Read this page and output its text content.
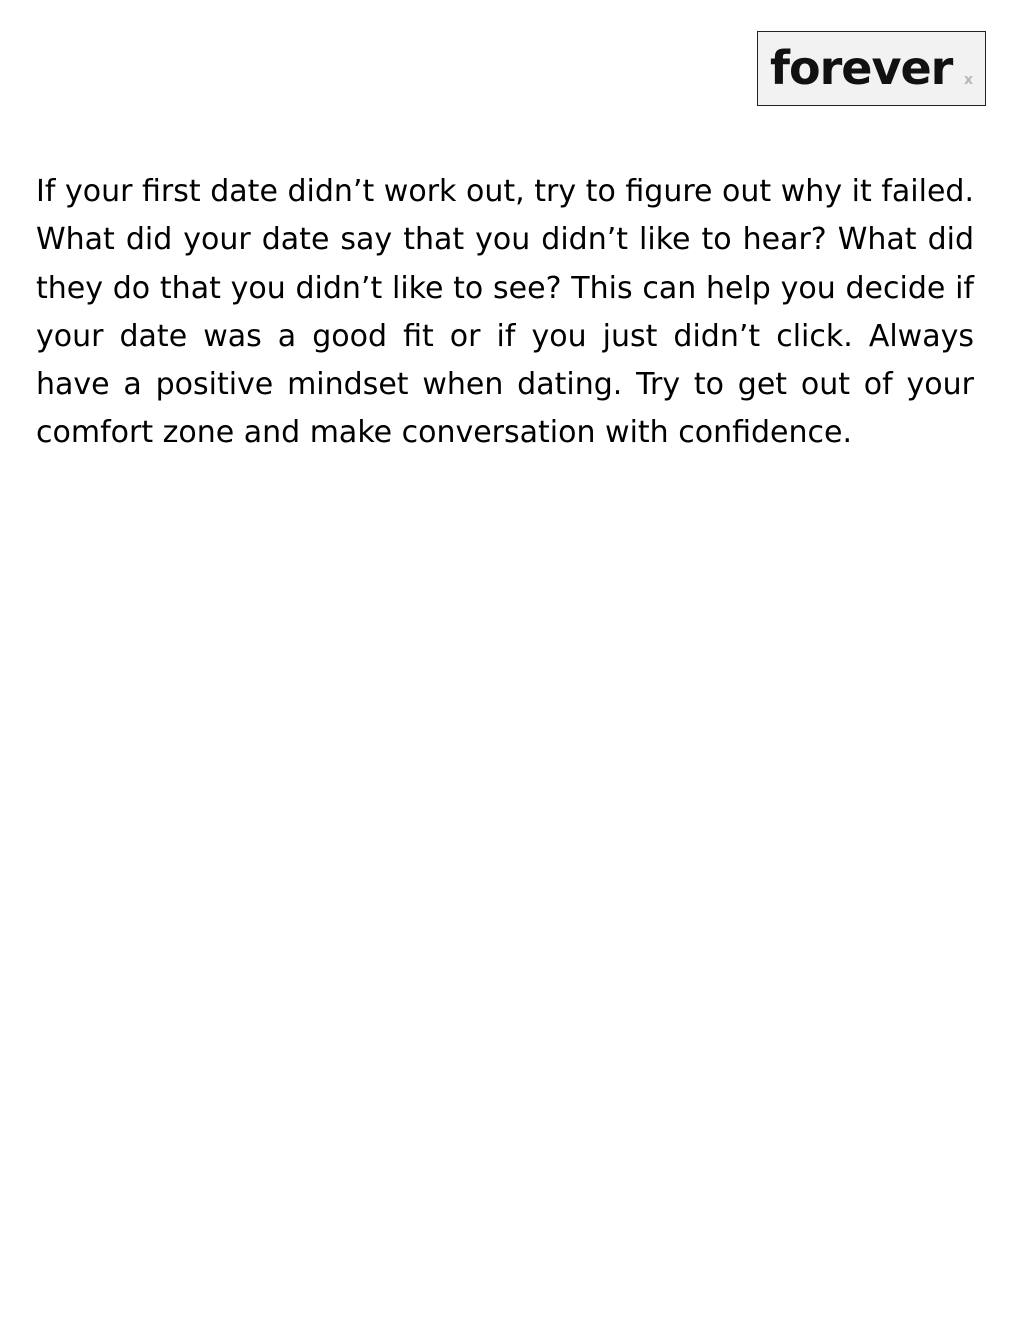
forever x

If your first date didn’t work out, try to figure out why it failed. What did your date say that you didn’t like to hear? What did they do that you didn’t like to see? This can help you decide if your date was a good fit or if you just didn’t click. Always have a positive mindset when dating. Try to get out of your comfort zone and make conversation with confidence.
